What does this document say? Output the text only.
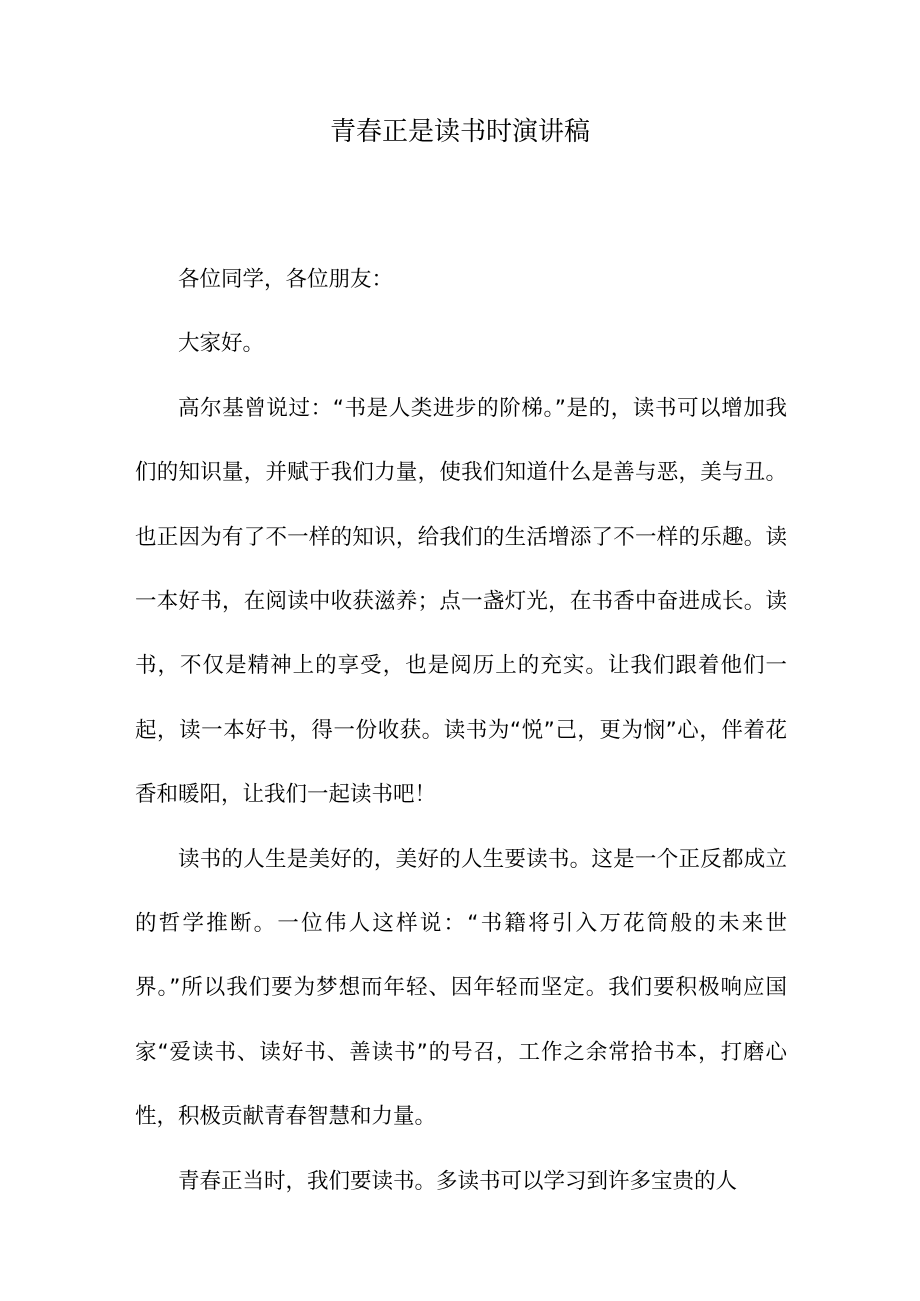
青春正是读书时演讲稿

各位同学，各位朋友：

大家好。

高尔基曾说过：“书是人类进步的阶梯。”是的，读书可以增加我们的知识量，并赋于我们力量，使我们知道什么是善与恶，美与丑。也正因为有了不一样的知识，给我们的生活增添了不一样的乐趣。读一本好书，在阅读中收获滋养；点一盏灯光，在书香中奋进成长。读书，不仅是精神上的享受，也是阅历上的充实。让我们跟着他们一起，读一本好书，得一份收获。读书为“悦”己，更为悯”心，伴着花香和暖阳，让我们一起读书吧！

读书的人生是美好的，美好的人生要读书。这是一个正反都成立的哲学推断。一位伟人这样说：“书籍将引入万花筒般的未来世界。”所以我们要为梦想而年轻、因年轻而坚定。我们要积极响应国家“爱读书、读好书、善读书”的号召，工作之余常拾书本，打磨心性，积极贡献青春智慧和力量。

青春正当时，我们要读书。多读书可以学习到许多宝贵的人
